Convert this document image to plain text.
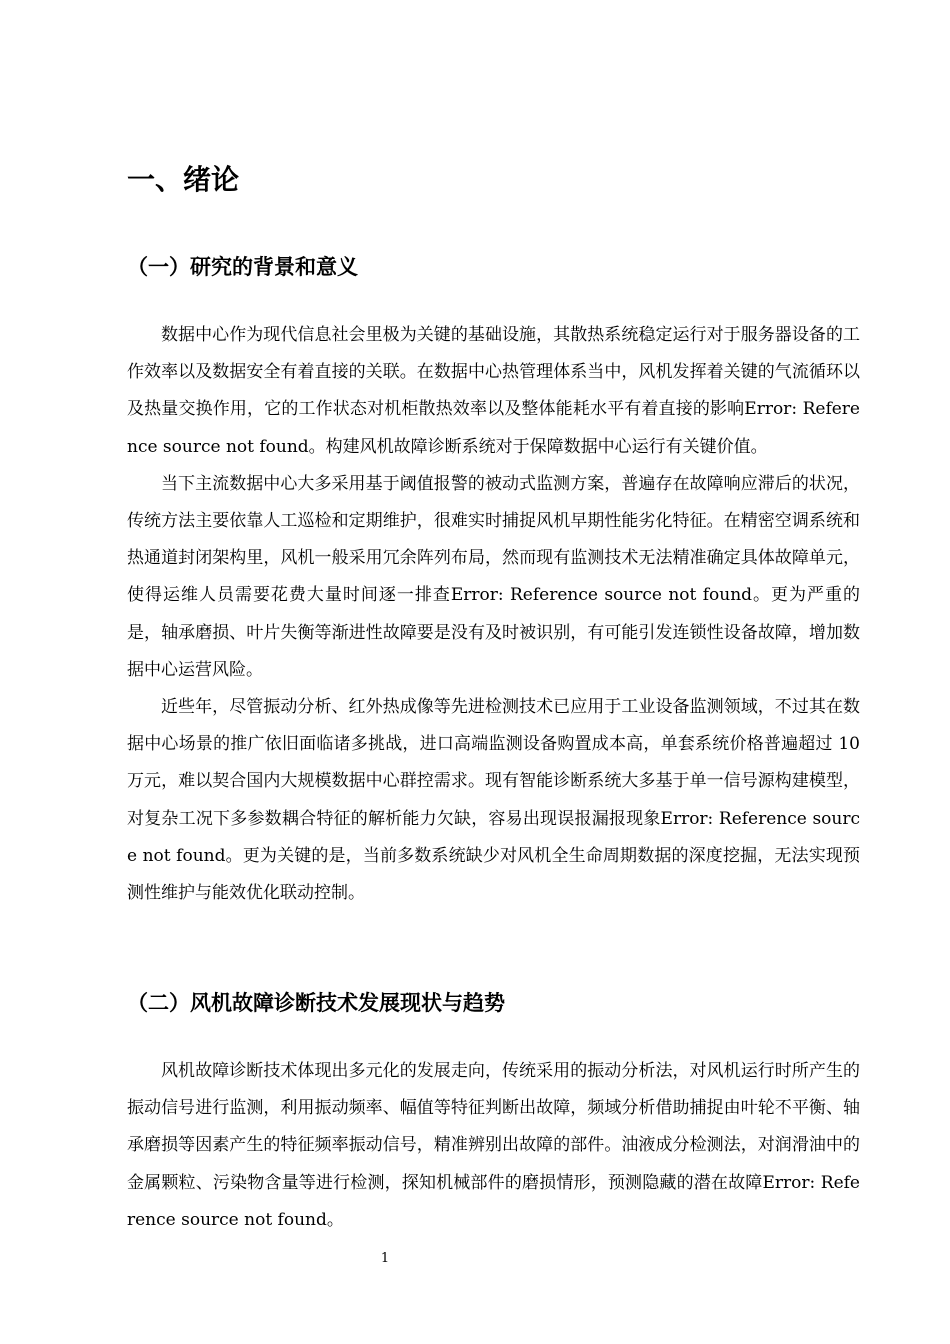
一、绪论
（一）研究的背景和意义

数据中心作为现代信息社会里极为关键的基础设施，其散热系统稳定运行对于服务器设备的工作效率以及数据安全有着直接的关联。在数据中心热管理体系当中，风机发挥着关键的气流循环以及热量交换作用，它的工作状态对机柜散热效率以及整体能耗水平有着直接的影响Error: Reference source not found。构建风机故障诊断系统对于保障数据中心运行有关键价值。

当下主流数据中心大多采用基于阈值报警的被动式监测方案，普遍存在故障响应滞后的状况，传统方法主要依靠人工巡检和定期维护，很难实时捕捉风机早期性能劣化特征。在精密空调系统和热通道封闭架构里，风机一般采用冗余阵列布局，然而现有监测技术无法精准确定具体故障单元，使得运维人员需要花费大量时间逐一排查Error: Reference source not found。更为严重的是，轴承磨损、叶片失衡等渐进性故障要是没有及时被识别，有可能引发连锁性设备故障，增加数据中心运营风险。

近些年，尽管振动分析、红外热成像等先进检测技术已应用于工业设备监测领域，不过其在数据中心场景的推广依旧面临诸多挑战，进口高端监测设备购置成本高，单套系统价格普遍超过 10 万元，难以契合国内大规模数据中心群控需求。现有智能诊断系统大多基于单一信号源构建模型，对复杂工况下多参数耦合特征的解析能力欠缺，容易出现误报漏报现象Error: Reference source not found。更为关键的是，当前多数系统缺少对风机全生命周期数据的深度挖掘，无法实现预测性维护与能效优化联动控制。

（二）风机故障诊断技术发展现状与趋势

风机故障诊断技术体现出多元化的发展走向，传统采用的振动分析法，对风机运行时所产生的振动信号进行监测，利用振动频率、幅值等特征判断出故障，频域分析借助捕捉由叶轮不平衡、轴承磨损等因素产生的特征频率振动信号，精准辨别出故障的部件。油液成分检测法，对润滑油中的金属颗粒、污染物含量等进行检测，探知机械部件的磨损情形，预测隐藏的潜在故障Error: Reference source not found。

1
